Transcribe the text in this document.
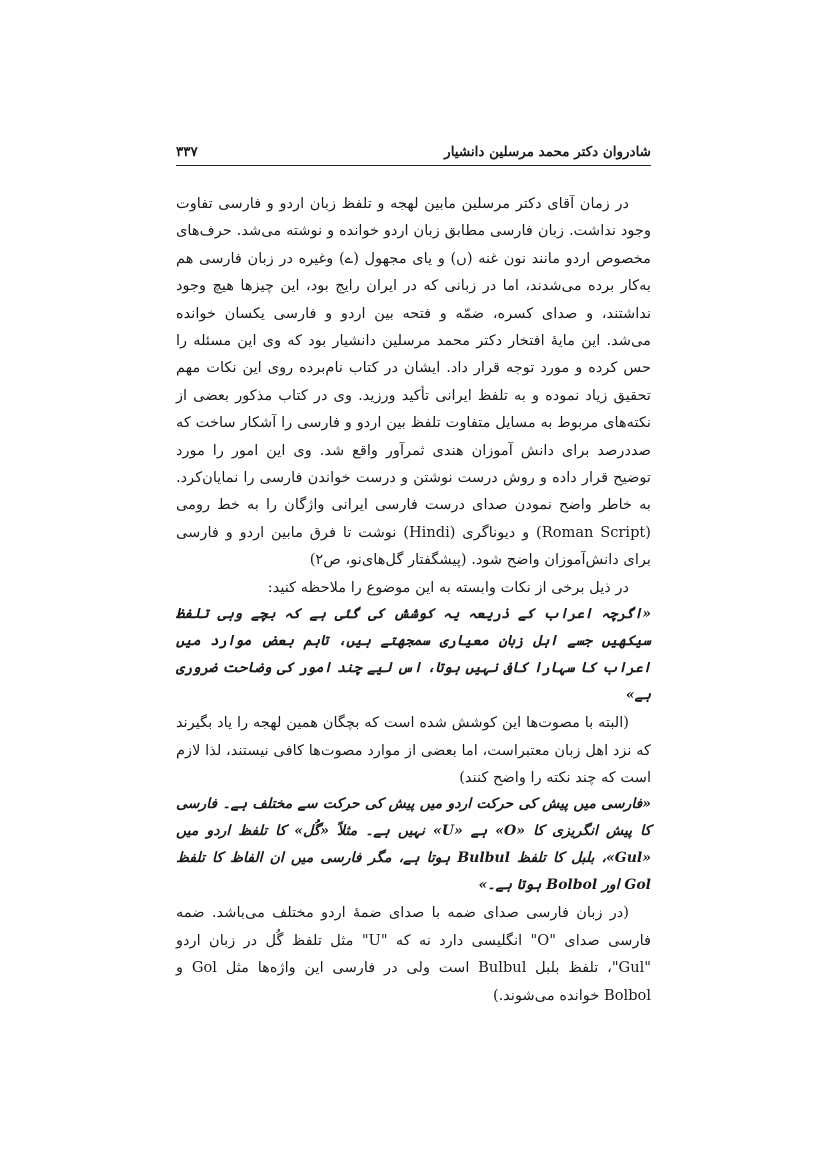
شادروان دکتر محمد مرسلین دانشیار
۳۳۷

در زمان آقای دکتر مرسلین مابین لهجه و تلفظ زبان اردو و فارسی تفاوت وجود نداشت. زبان فارسی مطابق زبان اردو خوانده و نوشته می‌شد. حرف‌های مخصوص اردو مانند نون غنه (ں) و یای مجهول (ے) وغیره در زبان فارسی هم به‌کار برده می‌شدند، اما در زبانی که در ایران رایج بود، این چیزها هیچ وجود نداشتند، و صدای کسره، ضمّه و فتحه بین اردو و فارسی یکسان خوانده می‌شد. این مایهٔ افتخار دکتر محمد مرسلین دانشیار بود که وی این مسئله را حس کرده و مورد توجه قرار داد. ایشان در کتاب نام‌برده روی این نکات مهم تحقیق زیاد نموده و به تلفظ ایرانی تأکید ورزید. وی در کتاب مذکور بعضی از نکته‌های مربوط به مسایل متفاوت تلفظ بین اردو و فارسی را آشکار ساخت که صددرصد برای دانش آموزان هندی ثمرآور واقع شد. وی این امور را مورد توضیح قرار داده و روش درست نوشتن و درست خواندن فارسی را نمایان‌کرد. به خاطر واضح نمودن صدای درست فارسی ایرانی واژگان را به خط رومی (Roman Script) و دیوناگری (Hindi) نوشت تا فرق مابین اردو و فارسی برای دانش‌آموزان واضح شود. (پیشگفتار گل‌های‌نو، ص۲)

در ذیل برخی از نکات وابسته به این موضوع را ملاحظه کنید:

«اگرچہ اعراب کے ذریعہ یہ کوشش کی گئی ہے کہ بچے وہی تلفظ سیکھیں جسے اہل زبان معیاری سمجھتے ہیں، تاہم بعض موارد میں اعراب کا سہارا کافی نہیں ہوتا، اس لیے چند امور کی وضاحت ضروری ہے»

(البته با مصوت‌ها این کوشش شده است که بچگان همین لهجه را یاد بگیرند که نزد اهل زبان معتبراست، اما بعضی از موارد مصوت‌ها کافی نیستند، لذا لازم است که چند نکته را واضح کنند)

«فارسی میں پیش کی حرکت اردو میں پیش کی حرکت سے مختلف ہے۔ فارسی کا پیش انگریزی کا «O» ہے «U» نہیں ہے۔ مثلاً «گُل» کا تلفظ اردو میں «Gul»، بلبل کا تلفظ Bulbul ہوتا ہے، مگر فارسی میں ان الفاظ کا تلفظ Gol اور Bolbol ہوتا ہے۔»

(در زبان فارسی صدای ضمه با صدای ضمهٔ اردو مختلف می‌باشد. ضمه فارسی صدای "O" انگلیسی دارد نه که "U" مثل تلفظ گُل در زبان اردو "Gul"، تلفظ بلبل Bulbul است ولی در فارسی این واژه‌ها مثل Gol و Bolbol خوانده می‌شوند.)
